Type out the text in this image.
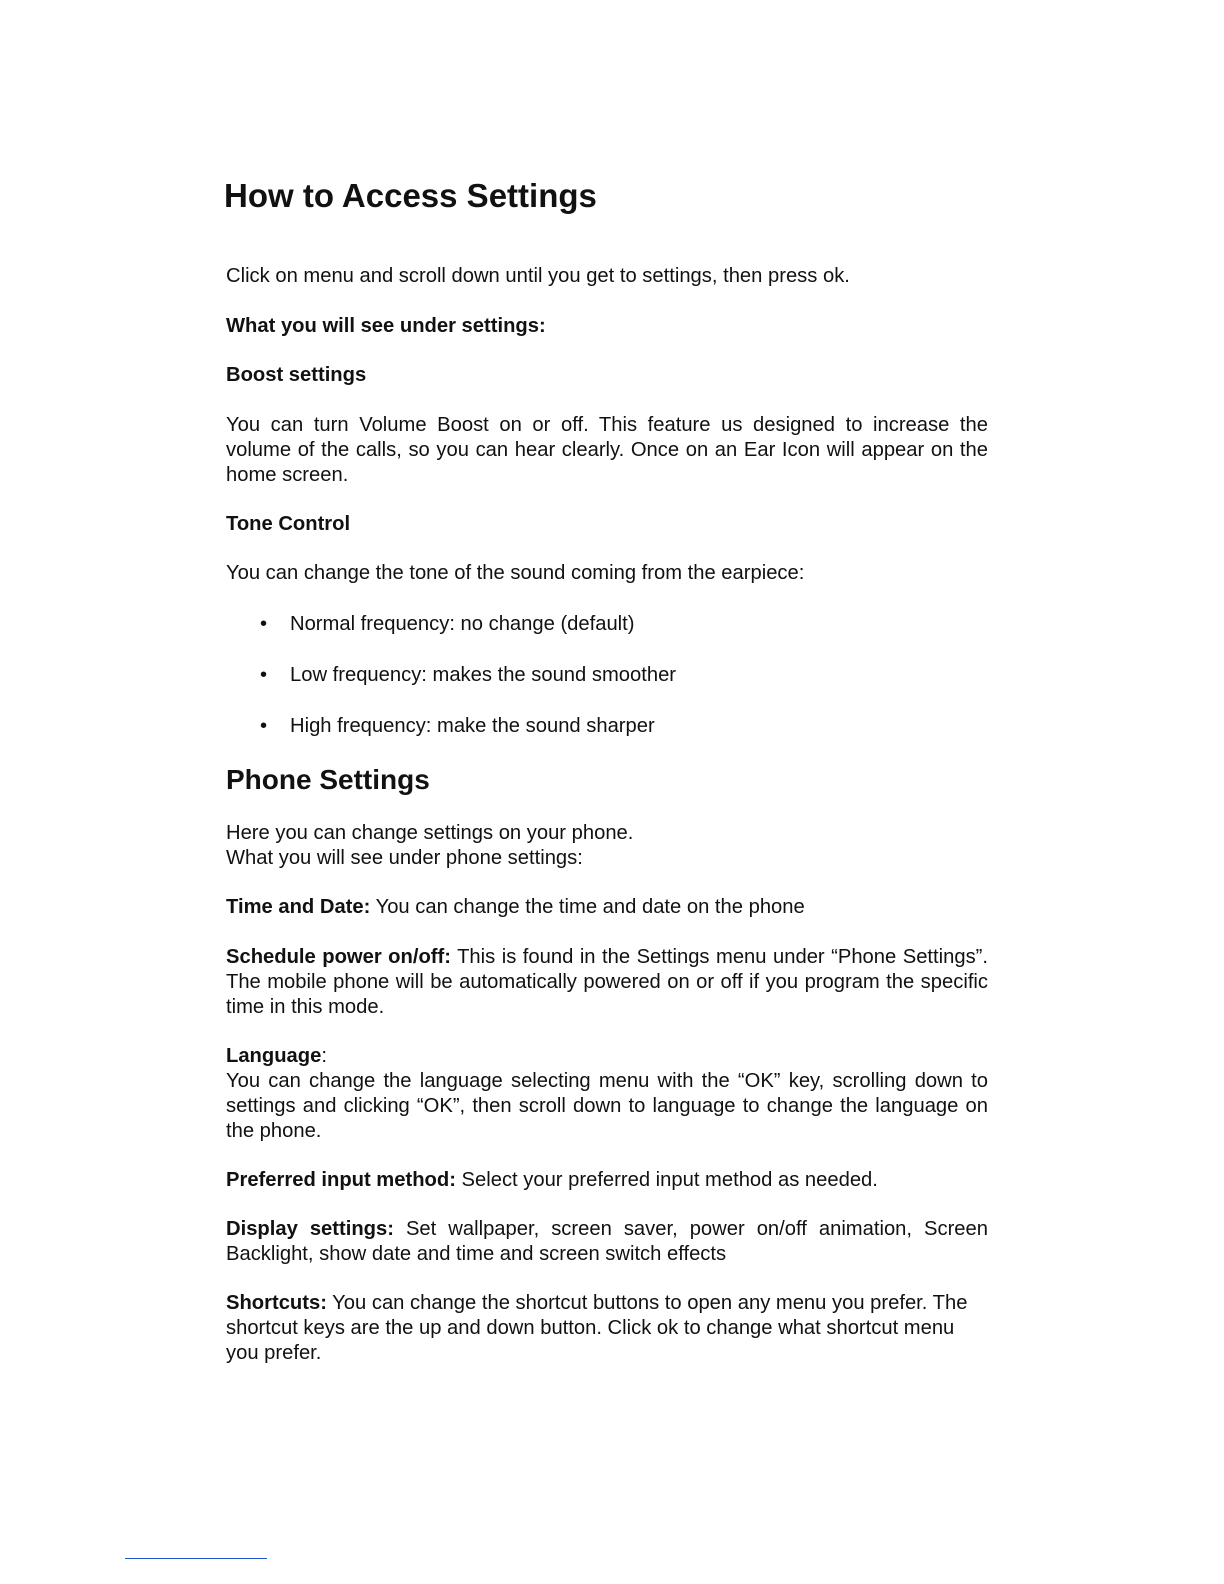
How to Access Settings

Click on menu and scroll down until you get to settings, then press ok.

What you will see under settings:

Boost settings

You can turn Volume Boost on or off. This feature us designed to increase the volume of the calls, so you can hear clearly. Once on an Ear Icon will appear on the home screen.

Tone Control

You can change the tone of the sound coming from the earpiece:

• Normal frequency: no change (default)
• Low frequency: makes the sound smoother
• High frequency: make the sound sharper
Phone Settings

Here you can change settings on your phone.

What you will see under phone settings:

Time and Date: You can change the time and date on the phone

Schedule power on/off: This is found in the Settings menu under “Phone Settings”. The mobile phone will be automatically powered on or off if you program the specific time in this mode.

Language:

You can change the language selecting menu with the “OK” key, scrolling down to settings and clicking “OK”, then scroll down to language to change the language on the phone.

Preferred input method: Select your preferred input method as needed.

Display settings: Set wallpaper, screen saver, power on/off animation, Screen Backlight, show date and time and screen switch effects

Shortcuts: You can change the shortcut buttons to open any menu you prefer. The shortcut keys are the up and down button. Click ok to change what shortcut menu you prefer.
